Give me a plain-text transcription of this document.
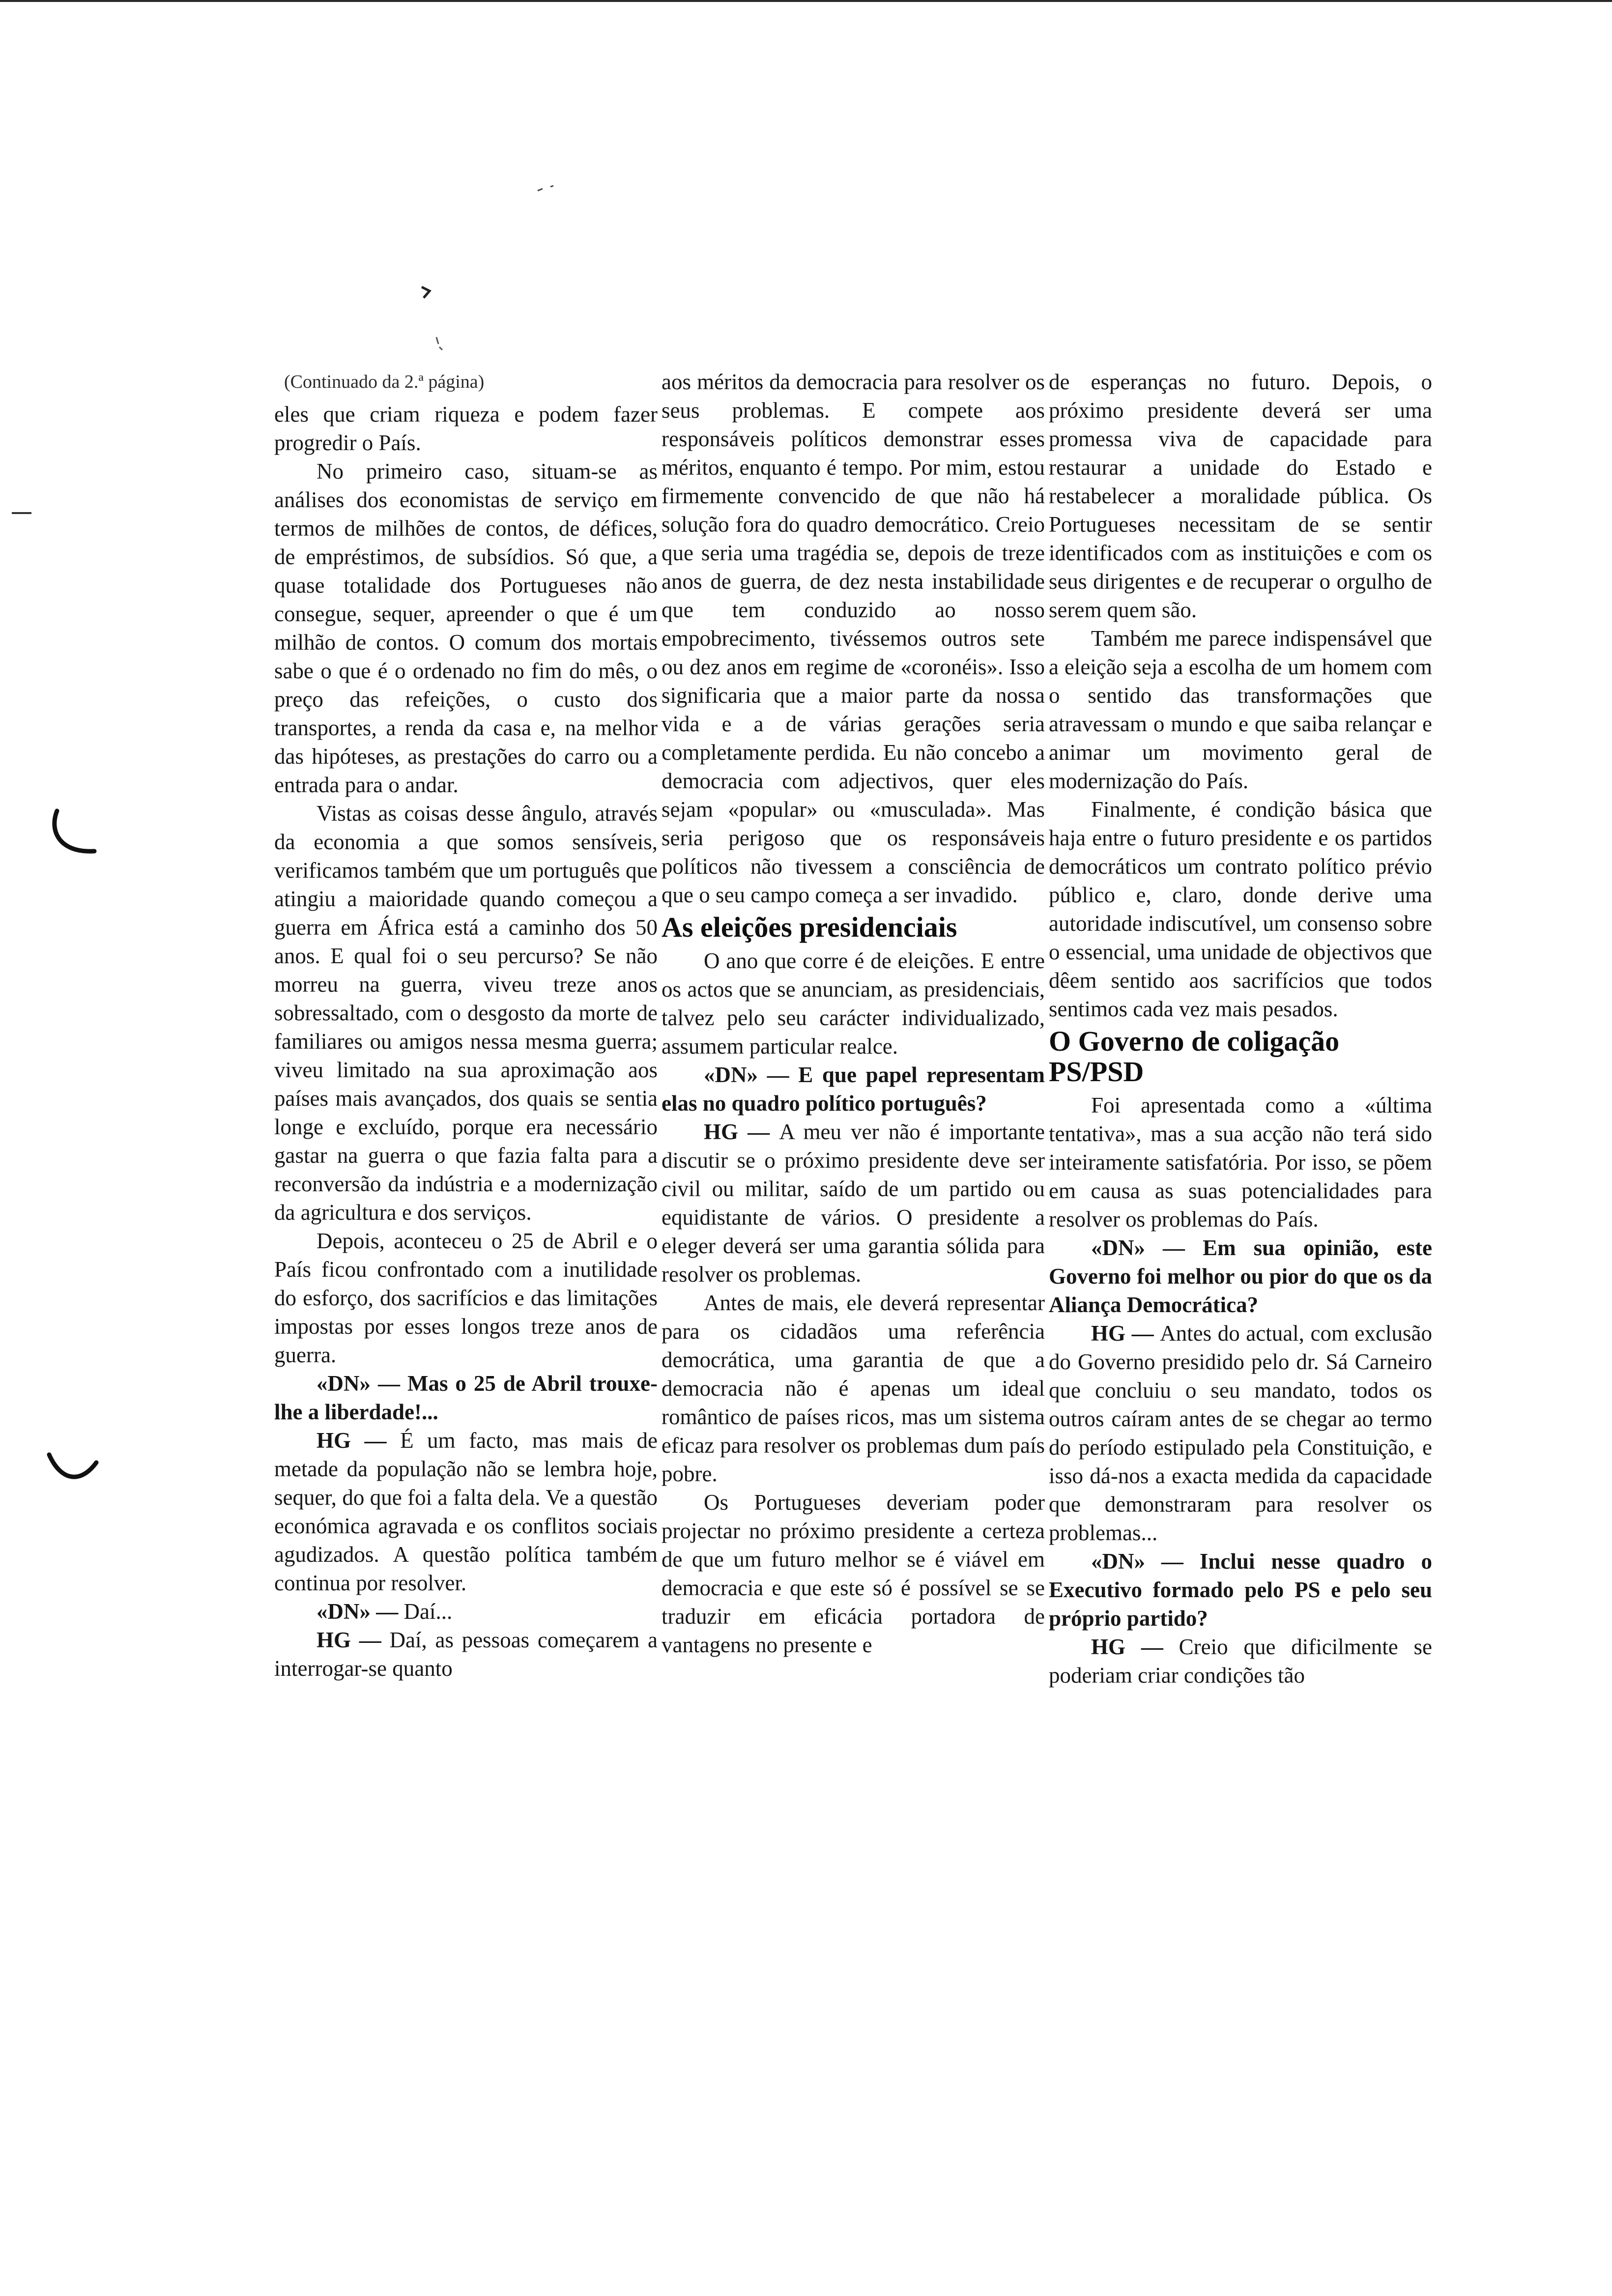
(Continuado da 2.ª página)

eles que criam riqueza e podem fazer progredir o País.

No primeiro caso, situam-se as análises dos economistas de serviço em termos de milhões de contos, de défices, de empréstimos, de subsídios. Só que, a quase totalidade dos Portugueses não consegue, sequer, apreender o que é um milhão de contos. O comum dos mortais sabe o que é o ordenado no fim do mês, o preço das refeições, o custo dos transportes, a renda da casa e, na melhor das hipóteses, as prestações do carro ou a entrada para o andar.

Vistas as coisas desse ângulo, através da economia a que somos sensíveis, verificamos também que um português que atingiu a maioridade quando começou a guerra em África está a caminho dos 50 anos. E qual foi o seu percurso? Se não morreu na guerra, viveu treze anos sobressaltado, com o desgosto da morte de familiares ou amigos nessa mesma guerra; viveu limitado na sua aproximação aos países mais avançados, dos quais se sentia longe e excluído, porque era necessário gastar na guerra o que fazia falta para a reconversão da indústria e a modernização da agricultura e dos serviços.

Depois, aconteceu o 25 de Abril e o País ficou confrontado com a inutilidade do esforço, dos sacrifícios e das limitações impostas por esses longos treze anos de guerra.

«DN» — Mas o 25 de Abril trouxe-lhe a liberdade!...

HG — É um facto, mas mais de metade da população não se lembra hoje, sequer, do que foi a falta dela. Ve a questão económica agravada e os conflitos sociais agudizados. A questão política também continua por resolver.

«DN» — Daí...

HG — Daí, as pessoas começarem a interrogar-se quanto

aos méritos da democracia para resolver os seus problemas. E compete aos responsáveis políticos demonstrar esses méritos, enquanto é tempo. Por mim, estou firmemente convencido de que não há solução fora do quadro democrático. Creio que seria uma tragédia se, depois de treze anos de guerra, de dez nesta instabilidade que tem conduzido ao nosso empobrecimento, tivéssemos outros sete ou dez anos em regime de «coronéis». Isso significaria que a maior parte da nossa vida e a de várias gerações seria completamente perdida. Eu não concebo a democracia com adjectivos, quer eles sejam «popular» ou «musculada». Mas seria perigoso que os responsáveis políticos não tivessem a consciência de que o seu campo começa a ser invadido.

As eleições presidenciais

O ano que corre é de eleições. E entre os actos que se anunciam, as presidenciais, talvez pelo seu carácter individualizado, assumem particular realce.

«DN» — E que papel representam elas no quadro político português?

HG — A meu ver não é importante discutir se o próximo presidente deve ser civil ou militar, saído de um partido ou equidistante de vários. O presidente a eleger deverá ser uma garantia sólida para resolver os problemas.

Antes de mais, ele deverá representar para os cidadãos uma referência democrática, uma garantia de que a democracia não é apenas um ideal romântico de países ricos, mas um sistema eficaz para resolver os problemas dum país pobre.

Os Portugueses deveriam poder projectar no próximo presidente a certeza de que um futuro melhor se é viável em democracia e que este só é possível se se traduzir em eficácia portadora de vantagens no presente e

de esperanças no futuro. Depois, o próximo presidente deverá ser uma promessa viva de capacidade para restaurar a unidade do Estado e restabelecer a moralidade pública. Os Portugueses necessitam de se sentir identificados com as instituições e com os seus dirigentes e de recuperar o orgulho de serem quem são.

Também me parece indispensável que a eleição seja a escolha de um homem com o sentido das transformações que atravessam o mundo e que saiba relançar e animar um movimento geral de modernização do País.

Finalmente, é condição básica que haja entre o futuro presidente e os partidos democráticos um contrato político prévio público e, claro, donde derive uma autoridade indiscutível, um consenso sobre o essencial, uma unidade de objectivos que dêem sentido aos sacrifícios que todos sentimos cada vez mais pesados.

O Governo de coligação PS/PSD

Foi apresentada como a «última tentativa», mas a sua acção não terá sido inteiramente satisfatória. Por isso, se põem em causa as suas potencialidades para resolver os problemas do País.

«DN» — Em sua opinião, este Governo foi melhor ou pior do que os da Aliança Democrática?

HG — Antes do actual, com exclusão do Governo presidido pelo dr. Sá Carneiro que concluiu o seu mandato, todos os outros caíram antes de se chegar ao termo do período estipulado pela Constituição, e isso dá-nos a exacta medida da capacidade que demonstraram para resolver os problemas...

«DN» — Inclui nesse quadro o Executivo formado pelo PS e pelo seu próprio partido?

HG — Creio que dificilmente se poderiam criar condições tão
